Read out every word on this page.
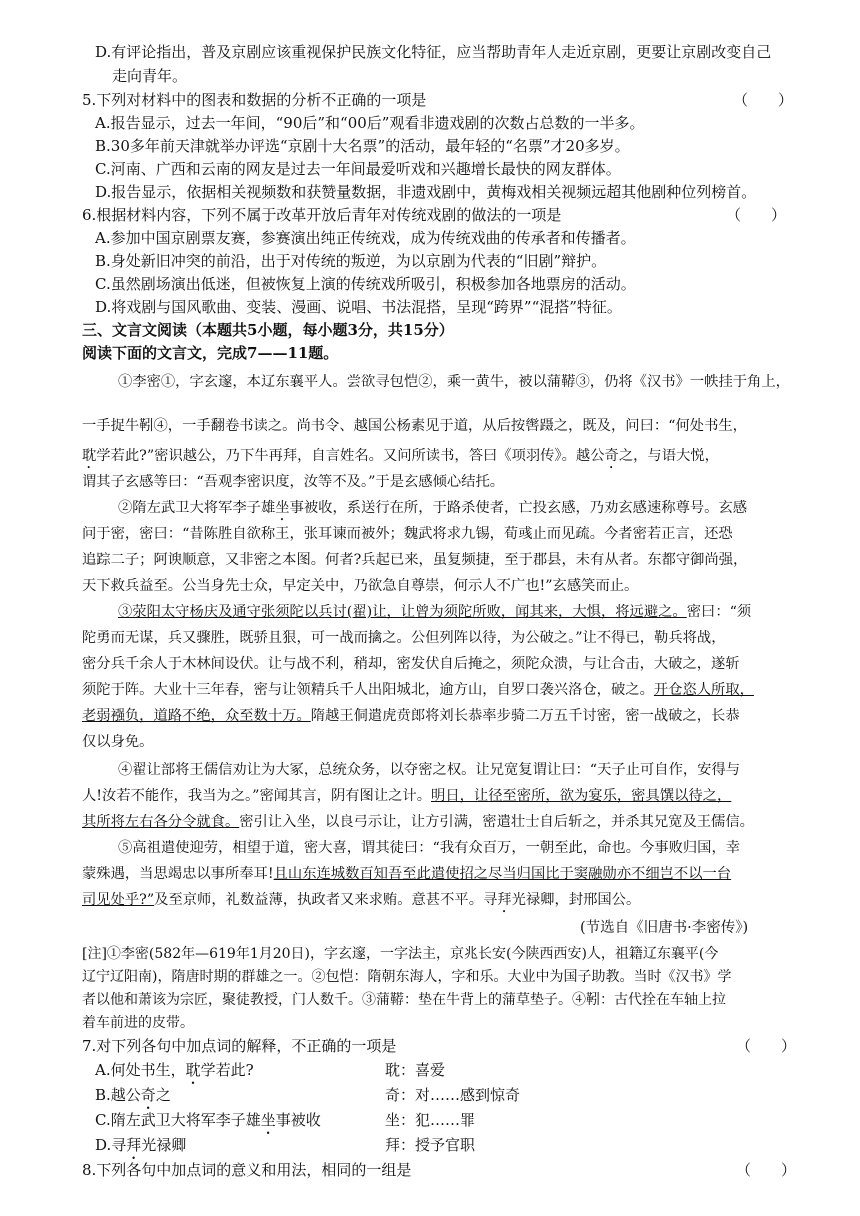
D.有评论指出，普及京剧应该重视保护民族文化特征，应当帮助青年人走近京剧，更要让京剧改变自己
走向青年。
5.下列对材料中的图表和数据的分析不正确的一项是	（　　）
A.报告显示，过去一年间，“90后”和“00后”观看非遗戏剧的次数占总数的一半多。
B.30多年前天津就举办评选“京剧十大名票”的活动，最年轻的“名票”才20多岁。
C.河南、广西和云南的网友是过去一年间最爱听戏和兴趣增长最快的网友群体。
D.报告显示，依据相关视频数和获赞量数据，非遗戏剧中，黄梅戏相关视频远超其他剧种位列榜首。
6.根据材料内容，下列不属于改革开放后青年对传统戏剧的做法的一项是	（　　）
A.参加中国京剧票友赛，参赛演出纯正传统戏，成为传统戏曲的传承者和传播者。
B.身处新旧冲突的前沿，出于对传统的叛逆，为以京剧为代表的“旧剧”辩护。
C.虽然剧场演出低迷，但被恢复上演的传统戏所吸引，积极参加各地票房的活动。
D.将戏剧与国风歌曲、变装、漫画、说唱、书法混搭，呈现“跨界”“混搭”特征。
三、文言文阅读（本题共5小题，每小题3分，共15分）
阅读下面的文言文，完成7——11题。
①李密①，字玄邃，本辽东襄平人。尝欲寻包恺②，乘一黄牛，被以蒲鞯③，仍将《汉书》一帙挂于角上，
一手捉牛靷④，一手翻卷书读之。尚书令、越国公杨素见于道，从后按辔蹑之，既及，问曰：“何处书生，
耽学若此?”密识越公，乃下牛再拜，自言姓名。又问所读书，答曰《项羽传》。越公奇之，与语大悦，
谓其子玄感等曰：“吾观李密识度，汝等不及。”于是玄感倾心结托。
②隋左武卫大将军李子雄坐事被收，系送行在所，于路杀使者，亡投玄感，乃劝玄感速称尊号。玄感
问于密，密曰：“昔陈胜自欲称王，张耳谏而被外；魏武将求九锡，荀彧止而见疏。今者密若正言，还恐
追踪二子；阿谀顺意，又非密之本图。何者?兵起已来，虽复频捷，至于郡县，未有从者。东都守御尚强，
天下救兵益至。公当身先士众，早定关中，乃欲急自尊崇，何示人不广也!”玄感笑而止。
③荥阳太守杨庆及通守张须陀以兵讨(翟)让，让曾为须陀所败，闻其来，大惧，将远避之。密曰：“须
陀勇而无谋，兵又骤胜，既骄且狠，可一战而擒之。公但列阵以待，为公破之。”让不得已，勒兵将战，
密分兵千余人于木林间设伏。让与战不利，稍却，密发伏自后掩之，须陀众溃，与让合击，大破之，遂斩
须陀于阵。大业十三年春，密与让领精兵千人出阳城北，逾方山，自罗口袭兴洛仓，破之。开仓恣人所取，
老弱襁负，道路不绝，众至数十万。隋越王侗遣虎贲郎将刘长恭率步骑二万五千讨密，密一战破之，长恭
仅以身免。
④翟让部将王儒信劝让为大冢，总统众务，以夺密之权。让兄宽复谓让曰：“天子止可自作，安得与
人!汝若不能作，我当为之。”密闻其言，阴有图让之计。明日，让径至密所，欲为宴乐，密具馔以待之，
其所将左右各分令就食。密引让入坐，以良弓示让，让方引满，密遣壮士自后斩之，并杀其兄宽及王儒信。
⑤高祖遣使迎劳，相望于道，密大喜，谓其徒曰：“我有众百万，一朝至此，命也。今事败归国，幸
蒙殊遇，当思竭忠以事所奉耳!且山东连城数百知吾至此遣使招之尽当归国比于窦融勋亦不细岂不以一台
司见处乎?”及至京师，礼数益薄，执政者又来求贿。意甚不平。寻拜光禄卿，封邢国公。
(节选自《旧唐书·李密传》)
[注]①李密(582年—619年1月20日)，字玄邃，一字法主，京兆长安(今陕西西安)人，祖籍辽东襄平(今
辽宁辽阳南)，隋唐时期的群雄之一。②包恺：隋朝东海人，字和乐。大业中为国子助教。当时《汉书》学
者以他和萧该为宗匠，聚徒教授，门人数千。③蒲鞯：垫在牛背上的蒲草垫子。④靷：古代拴在车轴上拉
着车前进的皮带。
7.对下列各句中加点词的解释，不正确的一项是	（　　）
A.何处书生，耽学若此?	耽：喜爱
B.越公奇之	奇：对……感到惊奇
C.隋左武卫大将军李子雄坐事被收	坐：犯……罪
D.寻拜光禄卿	拜：授予官职
8.下列各句中加点词的意义和用法，相同的一组是	（　　）
